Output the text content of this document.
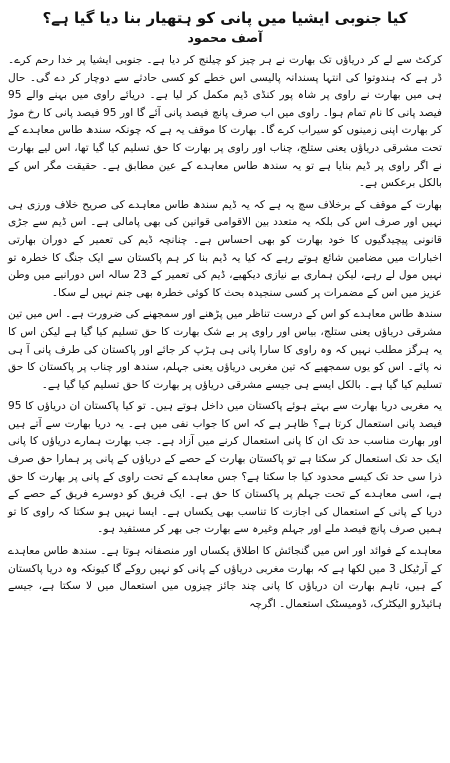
کیا جنوبی ایشیا میں پانی کو ہتھیار بنا دیا گیا ہے؟
آصف محمود

کرکٹ سے لے کر دریاؤں تک بھارت نے ہر چیز کو چیلنج کر دیا ہے۔ جنوبی ایشیا پر خدا رحم کرے۔ ڈر ہے کہ ہندوتوا کی انتہا پسندانہ پالیسی اس خطے کو کسی حادثے سے دوچار کر دے گی۔ حال ہی میں بھارت نے راوی پر شاہ پور کنڈی ڈیم مکمل کر لیا ہے۔ دریائے راوی میں بہنے والے 95 فیصد پانی کا نام تمام ہوا۔ راوی میں اب صرف پانچ فیصد پانی آئے گا اور 95 فیصد پانی کا رخ موڑ کر بھارت اپنی زمینوں کو سیراب کرے گا۔ بھارت کا موقف یہ ہے کہ چونکہ سندھ طاس معاہدے کے تحت مشرقی دریاؤں یعنی ستلج، چناب اور راوی پر بھارت کا حق تسلیم کیا گیا تھا، اس لیے بھارت نے اگر راوی پر ڈیم بنایا ہے تو یہ سندھ طاس معاہدے کے عین مطابق ہے۔ حقیقت مگر اس کے بالکل برعکس ہے۔

بھارت کے موقف کے برخلاف سچ یہ ہے کہ یہ ڈیم سندھ طاس معاہدے کی صریح خلاف ورزی ہی نہیں اور صرف اس کی بلکہ یہ متعدد بین الاقوامی قوانین کی بھی پامالی ہے۔ اس ڈیم سے جڑی قانونی پیچیدگیوں کا خود بھارت کو بھی احساس ہے۔ چنانچہ ڈیم کی تعمیر کے دوران بھارتی اخبارات میں مضامین شائع ہوتے رہے کہ کیا یہ ڈیم بنا کر ہم پاکستان سے ایک جنگ کا خطرہ تو نہیں مول لے رہے، لیکن ہماری بے نیازی دیکھیے، ڈیم کی تعمیر کے 23 سالہ اس دورانیے میں وطن عزیز میں اس کے مضمرات پر کسی سنجیدہ بحث کا کوئی خطرہ بھی جنم نہیں لے سکا۔

سندھ طاس معاہدے کو اس کے درست تناظر میں پڑھنے اور سمجھنے کی ضرورت ہے۔ اس میں تین مشرقی دریاؤں یعنی ستلج، بیاس اور راوی پر بے شک بھارت کا حق تسلیم کیا گیا ہے لیکن اس کا یہ ہرگز مطلب نہیں کہ وہ راوی کا سارا پانی ہی ہڑپ کر جائے اور پاکستان کی طرف پانی آ ہی نہ پائے۔ اس کو یوں سمجھیے کہ تین مغربی دریاؤں یعنی جہلم، سندھ اور چناب پر پاکستان کا حق تسلیم کیا گیا ہے۔ بالکل ایسے ہی جیسے مشرقی دریاؤں پر بھارت کا حق تسلیم کیا گیا ہے۔

یہ مغربی دریا بھارت سے بہتے ہوئے پاکستان میں داخل ہوتے ہیں۔ تو کیا پاکستان ان دریاؤں کا 95 فیصد پانی استعمال کرتا ہے؟ ظاہر ہے کہ اس کا جواب نفی میں ہے۔ یہ دریا بھارت سے آتے ہیں اور بھارت مناسب حد تک ان کا پانی استعمال کرنے میں آزاد ہے۔ جب بھارت ہمارے دریاؤں کا پانی ایک حد تک استعمال کر سکتا ہے تو پاکستان بھارت کے حصے کے دریاؤں کے پانی پر ہمارا حق صرف ذرا سی حد تک کیسے محدود کیا جا سکتا ہے؟ جس معاہدے کے تحت راوی کے پانی پر بھارت کا حق ہے، اسی معاہدے کے تحت جہلم پر پاکستان کا حق ہے۔ ایک فریق کو دوسرے فریق کے حصے کے دریا کے پانی کے استعمال کی اجازت کا تناسب بھی یکساں ہے۔ ایسا نہیں ہو سکتا کہ راوی کا تو ہمیں صرف پانچ فیصد ملے اور جہلم وغیرہ سے بھارت جی بھر کر مستفید ہو۔

معاہدے کے فوائد اور اس میں گنجائش کا اطلاق یکساں اور منصفانہ ہوتا ہے۔ سندھ طاس معاہدے کے آرٹیکل 3 میں لکھا ہے کہ بھارت مغربی دریاؤں کے پانی کو نہیں روکے گا کیونکہ وہ دریا پاکستان کے ہیں، تاہم بھارت ان دریاؤں کا پانی چند جائز چیزوں میں استعمال میں لا سکتا ہے، جیسے ہائیڈرو الیکٹرک، ڈومیسٹک استعمال۔ اگرچہ
